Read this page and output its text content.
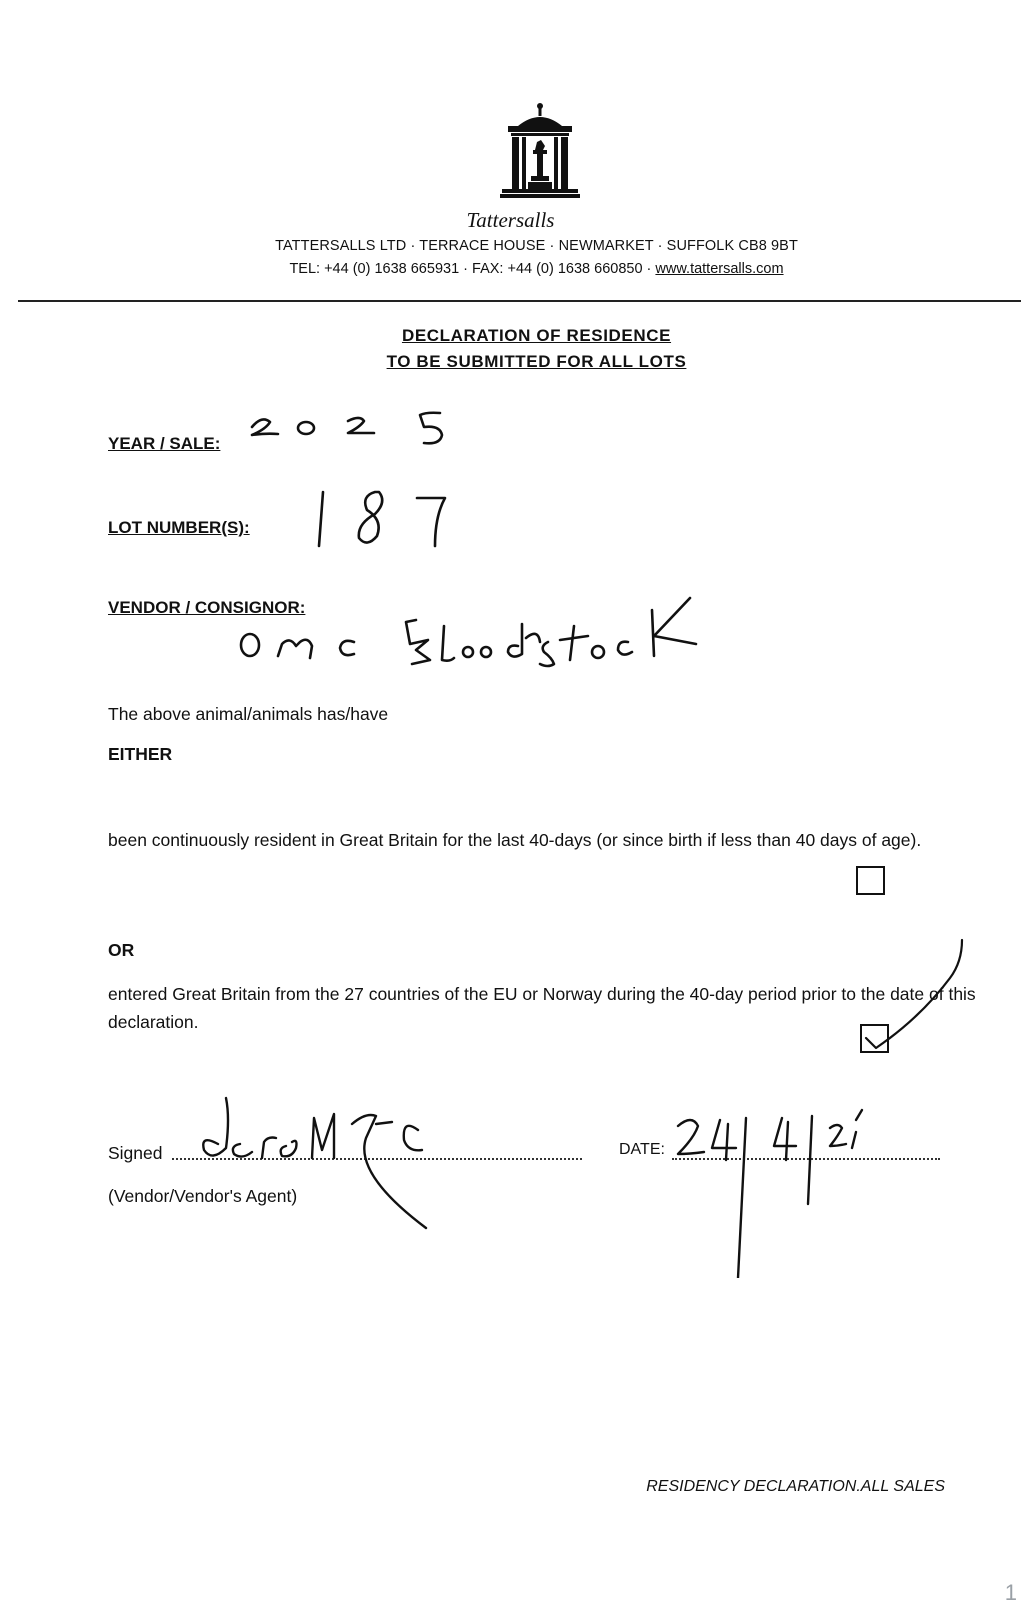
Tattersalls
TATTERSALLS LTD · TERRACE HOUSE · NEWMARKET · SUFFOLK CB8 9BT
TEL: +44 (0) 1638 665931 · FAX: +44 (0) 1638 660850 · www.tattersalls.com
DECLARATION OF RESIDENCE
TO BE SUBMITTED FOR ALL LOTS
YEAR / SALE:
LOT NUMBER(S):
VENDOR / CONSIGNOR:
The above animal/animals has/have
EITHER
been continuously resident in Great Britain for the last 40-days (or since birth if less than 40 days of age).
OR
entered Great Britain from the 27 countries of the EU or Norway during the 40-day period prior to the date of this declaration.
Signed
(Vendor/Vendor's Agent)
DATE:
RESIDENCY DECLARATION.ALL SALES
1
